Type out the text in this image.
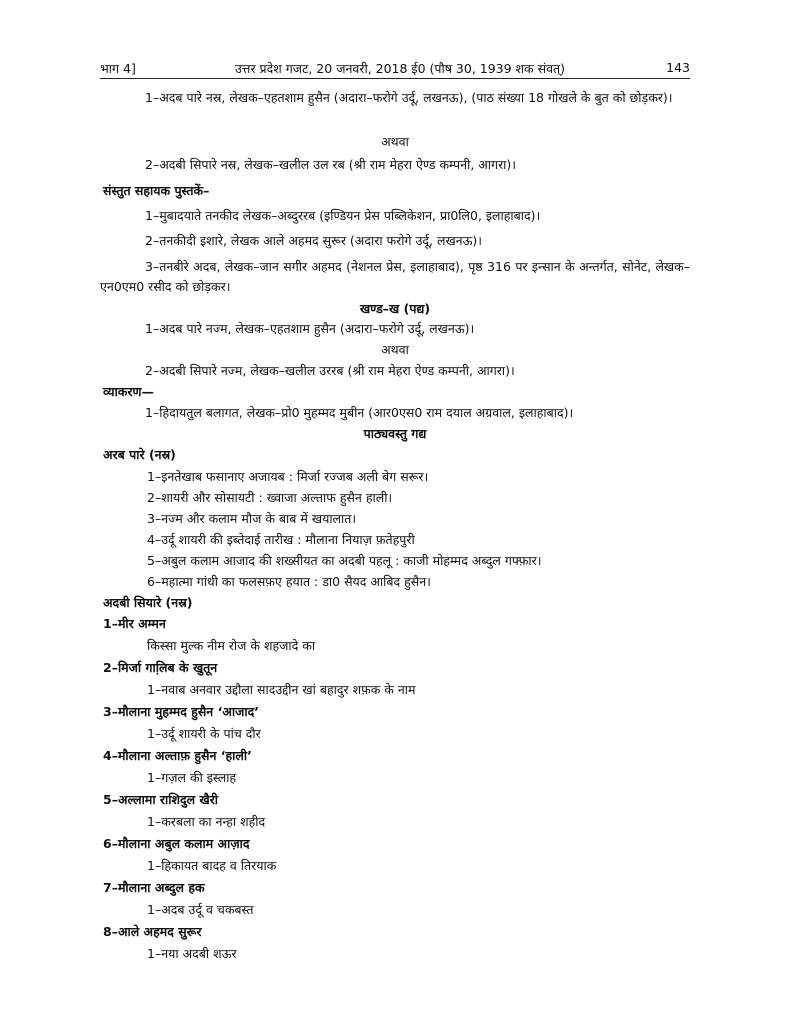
भाग 4]	उत्तर प्रदेश गजट, 20 जनवरी, 2018 ई0 (पौष 30, 1939 शक संवत्)	143
1–अदब पारे नस्र, लेखक–एहतशाम हुसैन (अदारा–फरोगे उर्दू, लखनऊ), (पाठ संख्या 18 गोखले के बुत को छोड़कर)।
अथवा
2–अदबी सिपारे नस्र, लेखक–खलील उल रब (श्री राम मेहरा ऐण्ड कम्पनी, आगरा)।
संस्तुत सहायक पुस्तकें–
1–मुबादयाते तनकीद लेखक–अब्दुररब (इण्डियन प्रेस पब्लिकेशन, प्रा0लि0, इलाहाबाद)।
2–तनकीदी इशारे, लेखक आले अहमद सुरूर (अदारा फरोगे उर्दू, लखनऊ)।
3–तनबीरे अदब, लेखक–जान सगीर अहमद (नेशनल प्रेस, इलाहाबाद), पृष्ठ 316 पर इन्सान के अन्तर्गत, सोनेट, लेखक–एन0एम0 रसीद को छोड़कर।
खण्ड–ख (पद्य)
1–अदब पारे नज्म, लेखक–एहतशाम हुसैन (अदारा–फरोगे उर्दू, लखनऊ)।
अथवा
2–अदबी सिपारे नज्म, लेखक–खलील उररब (श्री राम मेहरा ऐण्ड कम्पनी, आगरा)।
व्याकरण—
1–हिदायतुल बलागत, लेखक–प्रो0 मुहम्मद मुबीन (आर0एस0 राम दयाल अग्रवाल, इलाहाबाद)।
पाठ्यवस्तु गद्य
अरब पारे (नस्र)
1–इनतेखाब फसानाए अजायब : मिर्जा रज्जब अली बेग सरूर।
2–शायरी और सोसायटी : ख्वाजा अल्ताफ हुसैन हाली।
3–नज्म और कलाम मौज के बाब में खयालात।
4–उर्दू शायरी की इब्तेदाई तारीख : मौलाना नियाज़ फ़तेहपुरी
5–अबुल कलाम आजाद की शख्सीयत का अदबी पहलू : काजी मोहम्मद अब्दुल गफ्फ़ार।
6–महात्मा गांधी का फलसफ़ए हयात : डा0 सैयद आबिद हुसैन।
अदबी सियारे (नस्र)
1–मीर अम्मन
किस्सा मुल्क नीम रोज के शहजादे का
2–मिर्जा गालि़ब के खुतून
1–नवाब अनवार उद्दौला सादउद्दीन खां बहादुर शफ़क के नाम
3–मौलाना मुहम्मद हुसैन ‘आजाद’
1–उर्दू शायरी के पांच दौर
4–मौलाना अल्ताफ़ हुसैन ‘हाली’
1–गज़ल की इस्लाह
5–अल्लामा राशिदुल खैरी
1–करबला का नन्हा शहीद
6–मौलाना अबुल कलाम आज़ाद
1–हिकायत बादह व तिरयाक
7–मौलाना अब्दुल हक
1–अदब उर्दू व चकबस्त
8–आले अहमद सुरूर
1–नया अदबी शऊर
